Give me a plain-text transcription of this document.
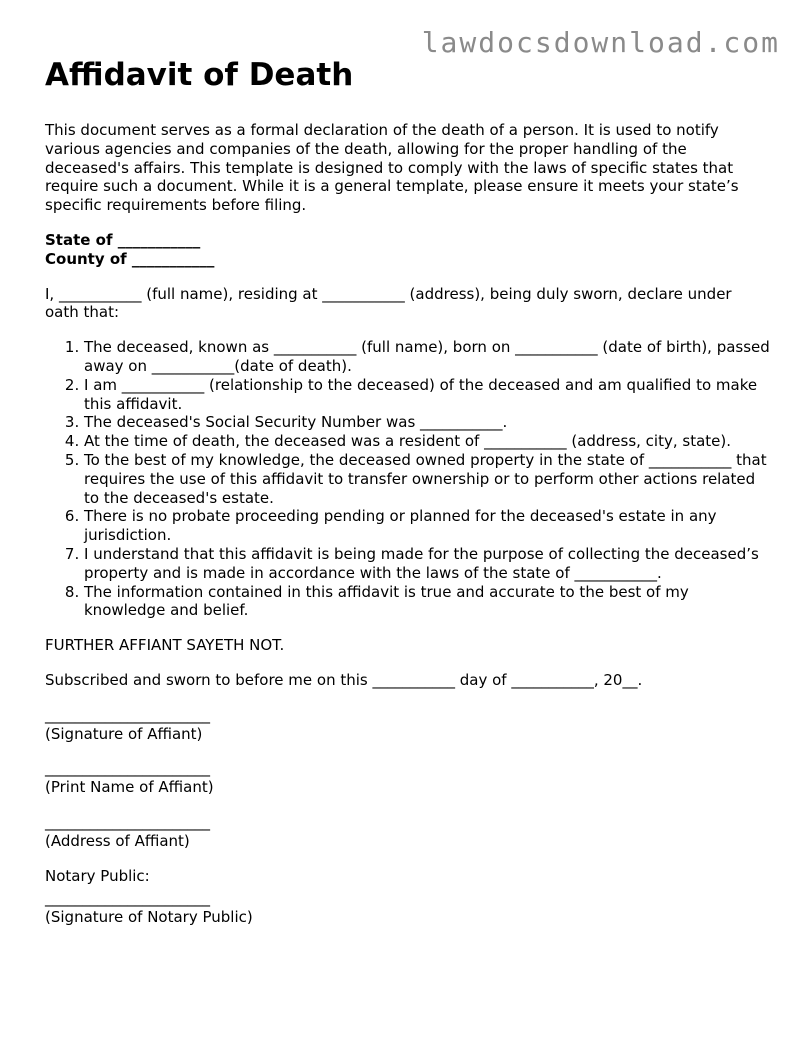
lawdocsdownload.com
Affidavit of Death

This document serves as a formal declaration of the death of a person. It is used to notify various agencies and companies of the death, allowing for the proper handling of the deceased's affairs. This template is designed to comply with the laws of specific states that require such a document. While it is a general template, please ensure it meets your state’s specific requirements before filing.

State of ___________
County of ___________

I, ___________ (full name), residing at ___________ (address), being duly sworn, declare under oath that:

1. The deceased, known as ___________ (full name), born on ___________ (date of birth), passed away on ___________(date of death).
2. I am ___________ (relationship to the deceased) of the deceased and am qualified to make this affidavit.
3. The deceased's Social Security Number was ___________.
4. At the time of death, the deceased was a resident of ___________ (address, city, state).
5. To the best of my knowledge, the deceased owned property in the state of ___________ that requires the use of this affidavit to transfer ownership or to perform other actions related to the deceased's estate.
6. There is no probate proceeding pending or planned for the deceased's estate in any jurisdiction.
7. I understand that this affidavit is being made for the purpose of collecting the deceased’s property and is made in accordance with the laws of the state of ___________.
8. The information contained in this affidavit is true and accurate to the best of my knowledge and belief.

FURTHER AFFIANT SAYETH NOT.

Subscribed and sworn to before me on this ___________ day of ___________, 20__.

______________________
(Signature of Affiant)
______________________
(Print Name of Affiant)
______________________
(Address of Affiant)
Notary Public:
______________________
(Signature of Notary Public)
